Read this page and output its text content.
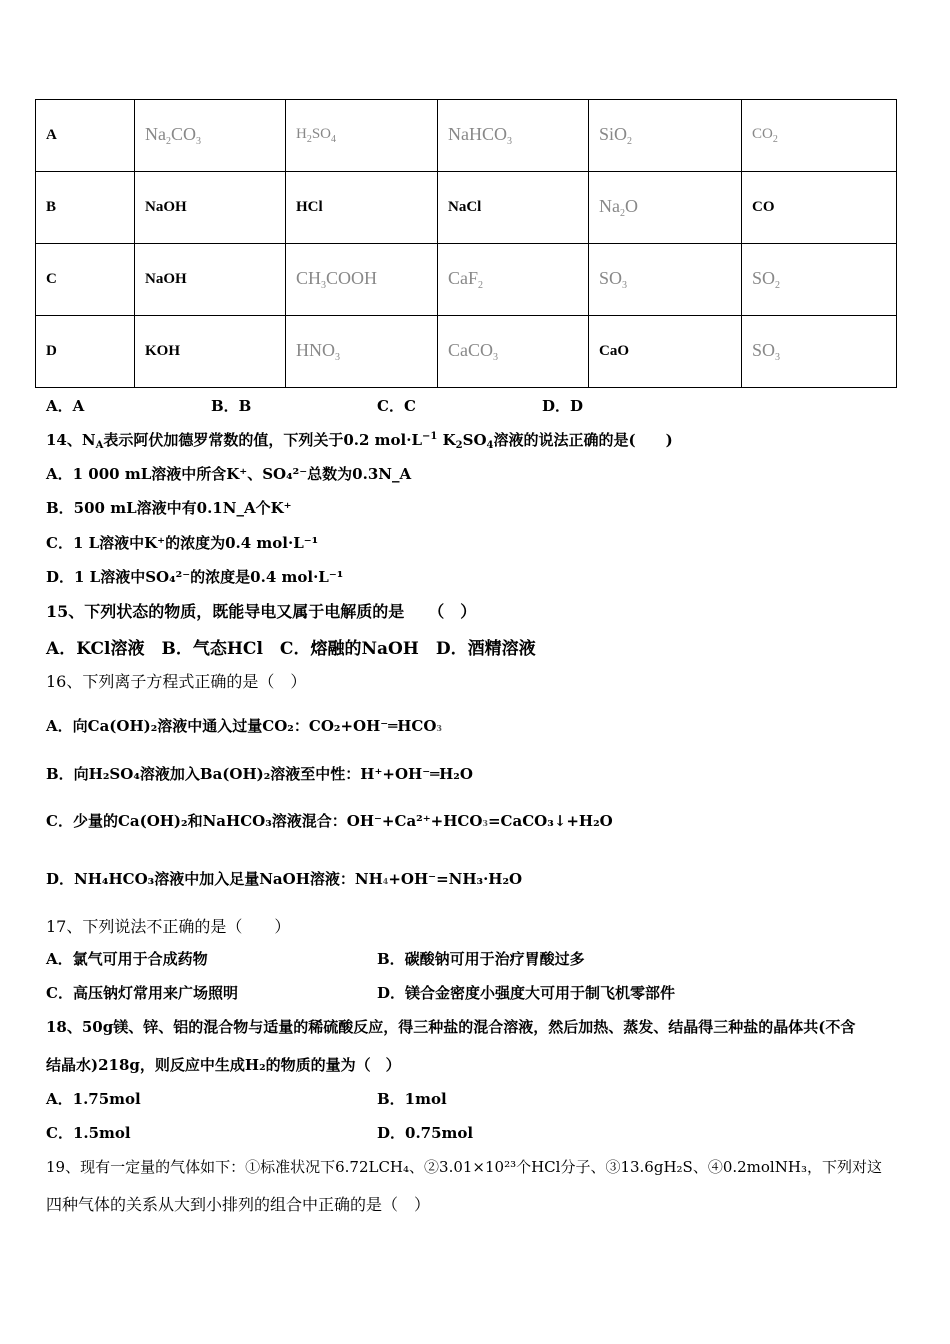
A	$Na_2CO_3$	$H_2SO_4$	NaHCO$_3$	SiO$_2$	$CO_2$
B	NaOH	HCl	NaCl	$Na_2O$	CO
C	NaOH	$CH_3COOH$	CaF$_2$	$SO_3$	$SO_2$
D	KOH	$HNO_3$	CaCO$_3$	CaO	$SO_3$
A．A	B．B	C．C	D．D
14、$N_A$表示阿伏加德罗常数的值，下列关于0.2 $mol\cdot L^{-1}$ $K_2SO_4$溶液的说法正确的是(　　)
A．1 000 mL溶液中所含K⁺、SO₄²⁻总数为0.3N_A
B．500 mL溶液中有0.1N_A个K⁺
C．1 L溶液中K⁺的浓度为0.4 mol·L⁻¹
D．1 L溶液中SO₄²⁻的浓度是0.4 mol·L⁻¹
15、下列状态的物质，既能导电又属于电解质的是　　（　）
A．KCl溶液　B．气态HCl　C．熔融的NaOH　D．酒精溶液
16、下列离子方程式正确的是（　）
A．向Ca(OH)₂溶液中通入过量CO₂：CO₂+OH⁻═HCO3
B．向H₂SO₄溶液加入Ba(OH)₂溶液至中性：H⁺+OH⁻═H₂O
C．少量的Ca(OH)₂和NaHCO₃溶液混合：OH⁻+Ca²⁺+HCO3=CaCO₃↓+H₂O
D．NH₄HCO₃溶液中加入足量NaOH溶液：NH4+OH⁻=NH₃·H₂O
17、下列说法不正确的是（　　）
A．氯气可用于合成药物	B．碳酸钠可用于治疗胃酸过多
C．高压钠灯常用来广场照明	D．镁合金密度小强度大可用于制飞机零部件
18、50g镁、锌、铝的混合物与适量的稀硫酸反应，得三种盐的混合溶液，然后加热、蒸发、结晶得三种盐的晶体共(不含
结晶水)218g，则反应中生成H₂的物质的量为（　）
A．1.75mol	B．1mol
C．1.5mol	D．0.75mol
19、现有一定量的气体如下：①标准状况下6.72LCH₄、②3.01×10²³个HCl分子、③13.6gH₂S、④0.2molNH₃，下列对这
四种气体的关系从大到小排列的组合中正确的是（　）
